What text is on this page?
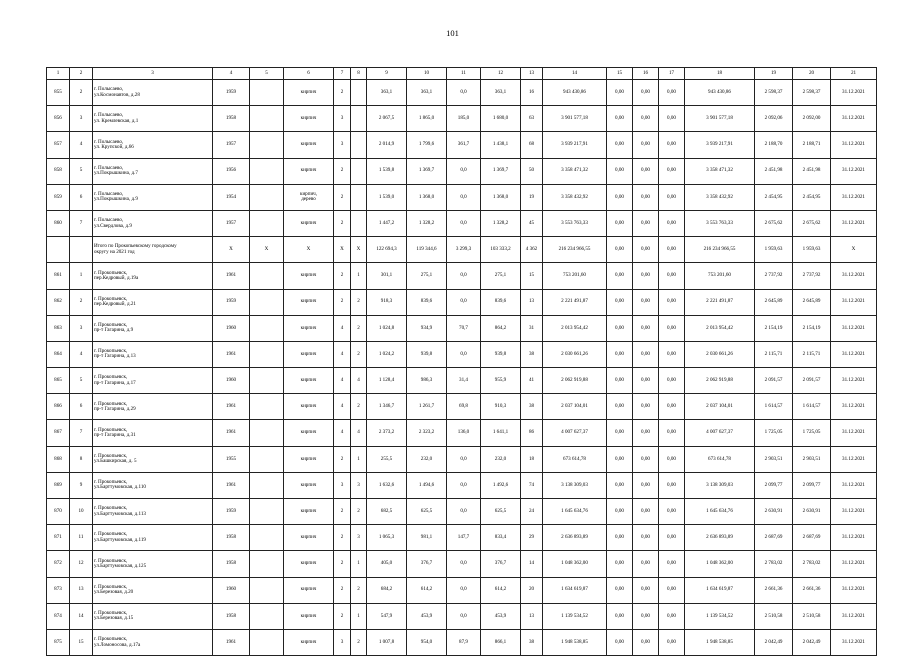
101
1	2	3	4	5	6	7	8	9	10	11	12	13	14	15	16	17	18	19	20	21
855	2	г. Полысаево,
ул.Космонавтов, д.28	1959		кирпич	2		363,1	363,1	0,0	363,1	16	943 430,86	0,00	0,00	0,00	943 430,86	2 598,37	2 598,37	31.12.2021
856	3	г. Полысаево,
ул. Кремлевская, д.1	1958		кирпич	3		2 067,5	1 865,0	185,0	1 680,0	63	3 901 577,18	0,00	0,00	0,00	3 901 577,18	2 092,06	2 092,00	31.12.2021
857	4	г. Полысаево,
ул. Крупской, д.66	1957		кирпич	3		2 014,9	1 799,6	361,7	1 438,1	68	3 939 217,91	0,00	0,00	0,00	3 939 217,91	2 188,70	2 188,71	31.12.2021
858	5	г. Полысаево,
ул.Покрышкина, д.7	1956		кирпич	2		1 539,8	1 369,7	0,0	1 369,7	50	3 358 471,32	0,00	0,00	0,00	3 358 471,32	2 451,98	2 451,98	31.12.2021
859	6	г. Полысаево,
ул.Покрышкина, д.9	1954		кирпич,
дерево	2		1 539,0	1 368,0	0,0	1 368,0	19	3 358 432,92	0,00	0,00	0,00	3 358 432,92	2 454,95	2 454,95	31.12.2021
860	7	г. Полысаево,
ул.Свердлова, д.9	1957		кирпич	2		1 447,2	1 328,2	0,0	1 328,2	45	3 553 763,33	0,00	0,00	0,00	3 553 763,33	2 675,62	2 675,62	31.12.2021
		Итого по Прокопьевскому городскому
округу на 2021 год	X	X	X	X	X	122 694,3	119 344,6	3 299,3	103 333,2	4 362	216 234 966,55	0,00	0,00	0,00	216 234 966,55	1 959,63	1 959,63	X
861	1	г. Прокопьевск,
пер.Кедровый, д.19а	1961		кирпич	2	1	301,1	275,1	0,0	275,1	15	753 201,60	0,00	0,00	0,00	753 201,60	2 737,92	2 737,92	31.12.2021
862	2	г. Прокопьевск,
пер.Кедровый, д.21	1959		кирпич	2	2	918,3	839,6	0,0	839,6	13	2 221 491,87	0,00	0,00	0,00	2 221 491,87	2 645,89	2 645,89	31.12.2021
863	3	г. Прокопьевск,
пр-т Гагарина, д.9	1960		кирпич	4	2	1 024,8	934,9	70,7	864,2	31	2 013 954,42	0,00	0,00	0,00	2 013 954,42	2 154,19	2 154,19	31.12.2021
864	4	г. Прокопьевск,
пр-т Гагарина, д.13	1961		кирпич	4	2	1 024,2	939,8	0,0	939,8	38	2 030 661,26	0,00	0,00	0,00	2 030 661,26	2 115,71	2 115,71	31.12.2021
865	5	г. Прокопьевск,
пр-т Гагарина, д.17	1960		кирпич	4	4	1 128,4	986,3	31,4	955,9	41	2 062 919,88	0,00	0,00	0,00	2 062 919,88	2 091,57	2 091,57	31.12.2021
866	6	г. Прокопьевск,
пр-т Гагарина, д.29	1961		кирпич	4	2	1 346,7	1 261,7	69,8	910,3	38	2 037 104,01	0,00	0,00	0,00	2 037 104,01	1 614,57	1 614,57	31.12.2021
867	7	г. Прокопьевск,
пр-т Гагарина, д.31	1961		кирпич	4	4	2 373,2	2 323,2	136,0	1 641,1	86	4 007 627,37	0,00	0,00	0,00	4 007 627,37	1 725,05	1 725,05	31.12.2021
868	8	г. Прокопьевск,
ул.Башкирская, д. 5	1955		кирпич	2	1	255,5	232,0	0,0	232,0	18	673 614,78	0,00	0,00	0,00	673 614,78	2 903,51	2 903,51	31.12.2021
869	9	г. Прокопьевск,
ул.Барттумовская, д.110	1961		кирпич	3	3	1 632,6	1 494,6	0,0	1 492,6	74	3 138 309,03	0,00	0,00	0,00	3 138 309,03	2 099,77	2 099,77	31.12.2021
870	10	г. Прокопьевск,
ул.Барттумовская, д.113	1959		кирпич	2	2	682,5	625,5	0,0	625,5	24	1 645 634,76	0,00	0,00	0,00	1 645 634,76	2 630,91	2 630,91	31.12.2021
871	11	г. Прокопьевск,
ул.Барттумовская, д.119	1958		кирпич	2	3	1 065,3	981,1	147,7	833,4	29	2 636 893,89	0,00	0,00	0,00	2 636 893,89	2 687,69	2 687,69	31.12.2021
872	12	г. Прокопьевск,
ул.Барттумовская, д.125	1958		кирпич	2	1	405,0	376,7	0,0	376,7	14	1 048 362,00	0,00	0,00	0,00	1 048 362,00	2 783,02	2 783,02	31.12.2021
873	13	г. Прокопьевск,
ул.Березовая, д.20	1960		кирпич	2	2	684,2	614,2	0,0	614,2	20	1 634 619,87	0,00	0,00	0,00	1 634 619,87	2 661,36	2 661,36	31.12.2021
874	14	г. Прокопьевск,
ул.Березовая, д.15	1958		кирпич	2	1	547,9	453,9	0,0	453,9	13	1 139 534,52	0,00	0,00	0,00	1 139 534,52	2 510,58	2 510,58	31.12.2021
875	15	г. Прокопьевск,
ул.Ломоносова, д.17а	1961		кирпич	3	2	1 007,8	954,0	87,9	866,1	38	1 948 538,85	0,00	0,00	0,00	1 948 538,85	2 042,49	2 042,49	31.12.2021
